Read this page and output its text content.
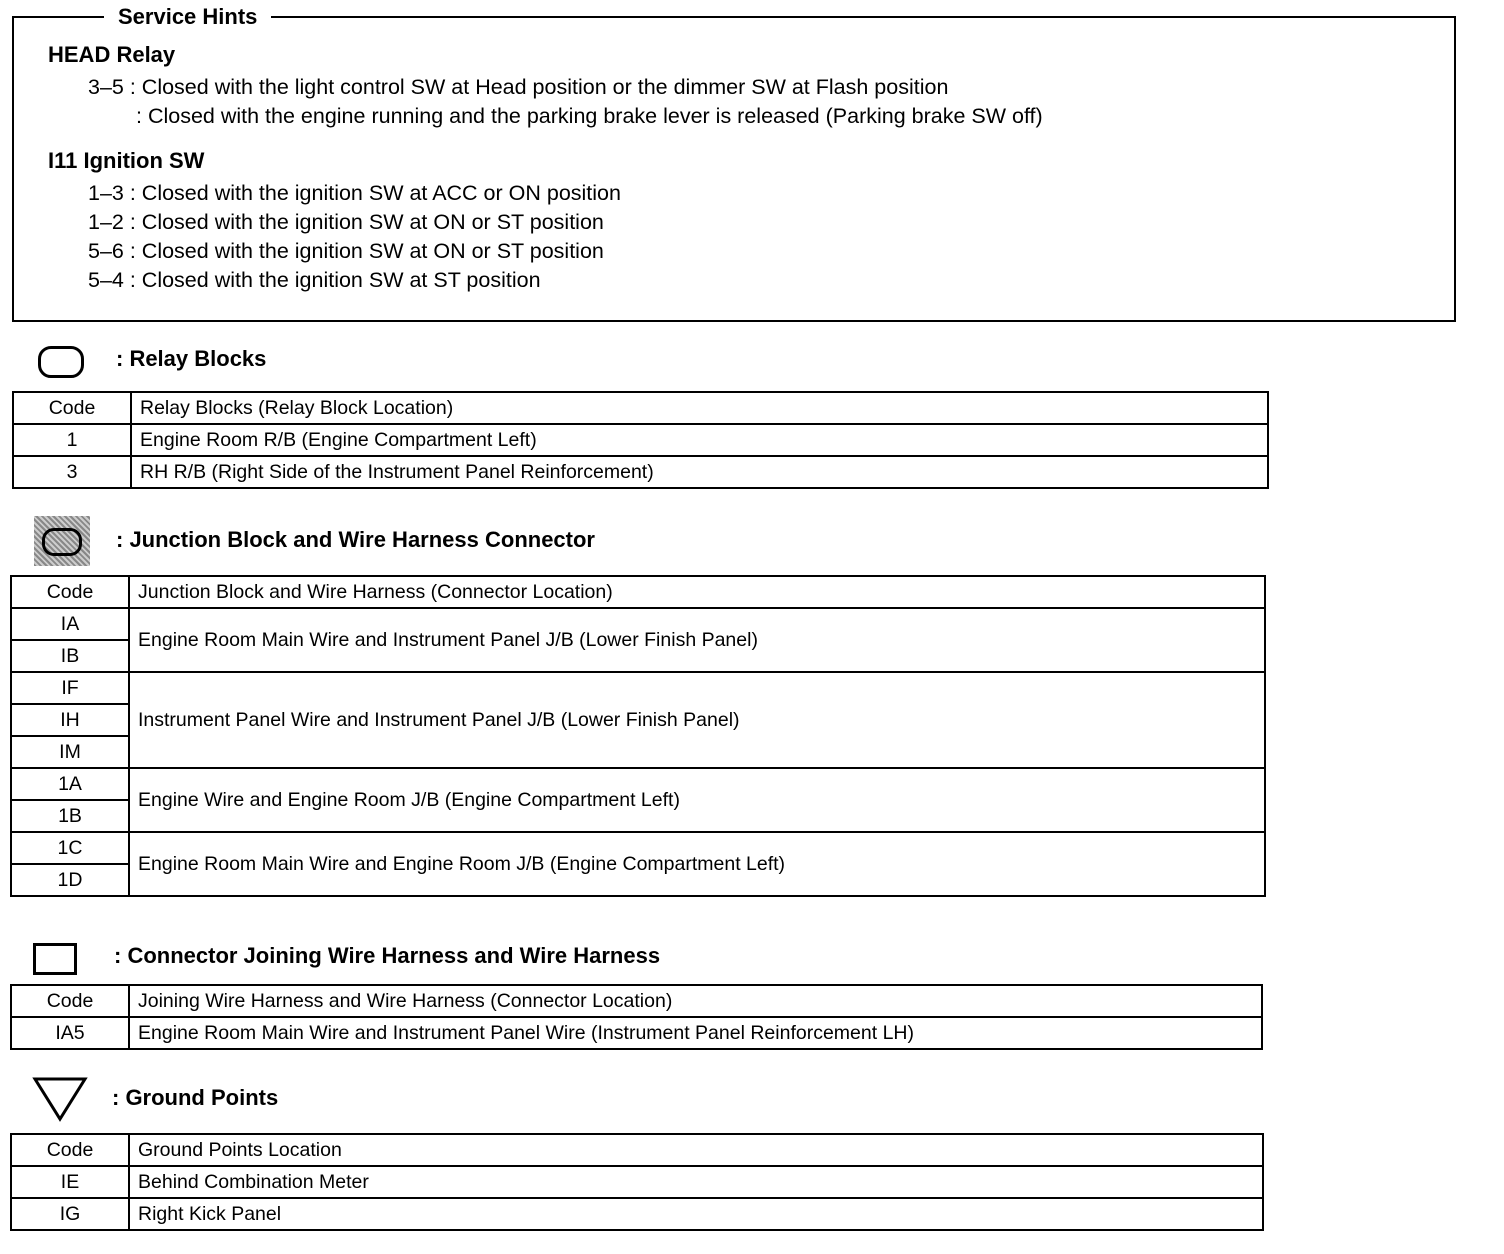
Service Hints
HEAD Relay
3–5 : Closed with the light control SW at Head position or the dimmer SW at Flash position
: Closed with the engine running and the parking brake lever is released (Parking brake SW off)
I11 Ignition SW
1–3 : Closed with the ignition SW at ACC or ON position
1–2 : Closed with the ignition SW at ON or ST position
5–6 : Closed with the ignition SW at ON or ST position
5–4 : Closed with the ignition SW at ST position
: Relay Blocks
Code	Relay Blocks (Relay Block Location)
1	Engine Room R/B (Engine Compartment Left)
3	RH R/B (Right Side of the Instrument Panel Reinforcement)
: Junction Block and Wire Harness Connector
Code	Junction Block and Wire Harness (Connector Location)
IA	Engine Room Main Wire and Instrument Panel J/B (Lower Finish Panel)
IB	
IF	Instrument Panel Wire and Instrument Panel J/B (Lower Finish Panel)
IH	
IM	
1A	Engine Wire and Engine Room J/B (Engine Compartment Left)
1B	
1C	Engine Room Main Wire and Engine Room J/B (Engine Compartment Left)
1D	
: Connector Joining Wire Harness and Wire Harness
Code	Joining Wire Harness and Wire Harness (Connector Location)
IA5	Engine Room Main Wire and Instrument Panel Wire (Instrument Panel Reinforcement LH)
: Ground Points
Code	Ground Points Location
IE	Behind Combination Meter
IG	Right Kick Panel
